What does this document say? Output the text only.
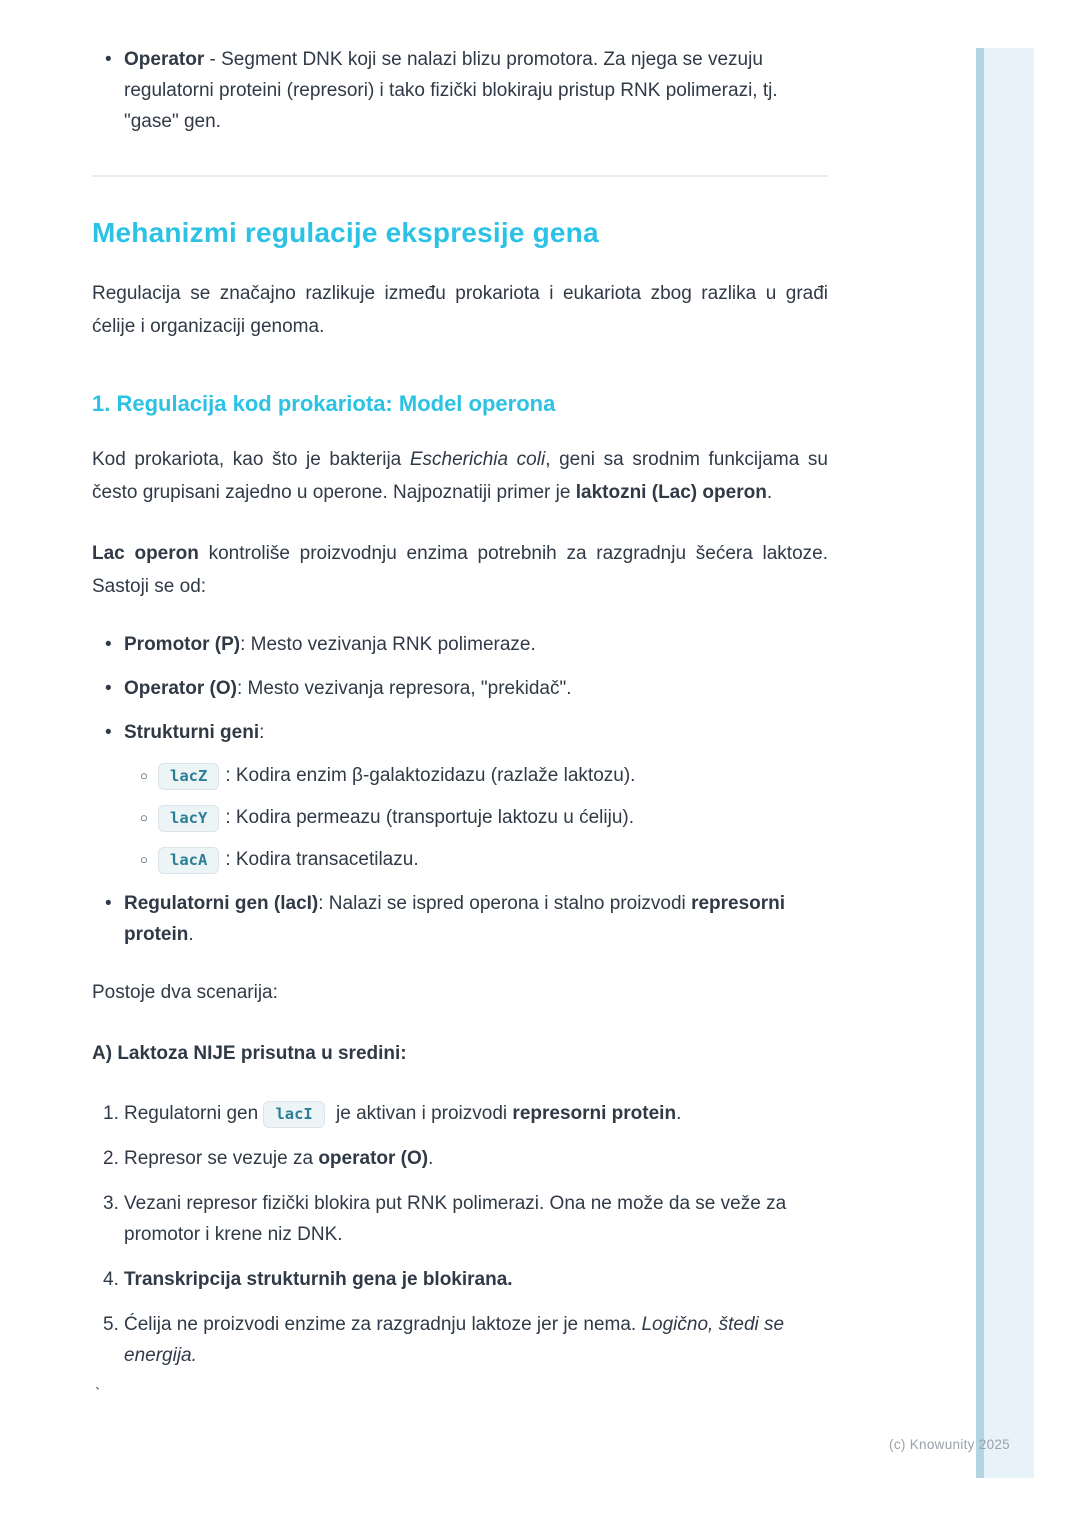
• Operator - Segment DNK koji se nalazi blizu promotora. Za njega se vezuju regulatorni proteini (represori) i tako fizički blokiraju pristup RNK polimerazi, tj. "gase" gen.
Mehanizmi regulacije ekspresije gena

Regulacija se značajno razlikuje između prokariota i eukariota zbog razlika u građi ćelije i organizaciji genoma.

1. Regulacija kod prokariota: Model operona

Kod prokariota, kao što je bakterija Escherichia coli, geni sa srodnim funkcijama su često grupisani zajedno u operone. Najpoznatiji primer je laktozni (Lac) operon.

Lac operon kontroliše proizvodnju enzima potrebnih za razgradnju šećera laktoze. Sastoji se od:

• Promotor (P): Mesto vezivanja RNK polimeraze.
• Operator (O): Mesto vezivanja represora, "prekidač".
• Strukturni geni:
○	lacZ : Kodira enzim β-galaktozidazu (razlaže laktozu).
○	lacY : Kodira permeazu (transportuje laktozu u ćeliju).
○	lacA : Kodira transacetilazu.
• Regulatorni gen (lacI): Nalazi se ispred operona i stalno proizvodi represorni protein.

Postoje dva scenarija:

A) Laktoza NIJE prisutna u sredini:

1. Regulatorni gen lacI je aktivan i proizvodi represorni protein.
2. Represor se vezuje za operator (O).
3. Vezani represor fizički blokira put RNK polimerazi. Ona ne može da se veže za promotor i krene niz DNK.
4. Transkripcija strukturnih gena je blokirana.
5. Ćelija ne proizvodi enzime za razgradnju laktoze jer je nema. Logično, štedi se energija.
`
(c) Knowunity 2025
